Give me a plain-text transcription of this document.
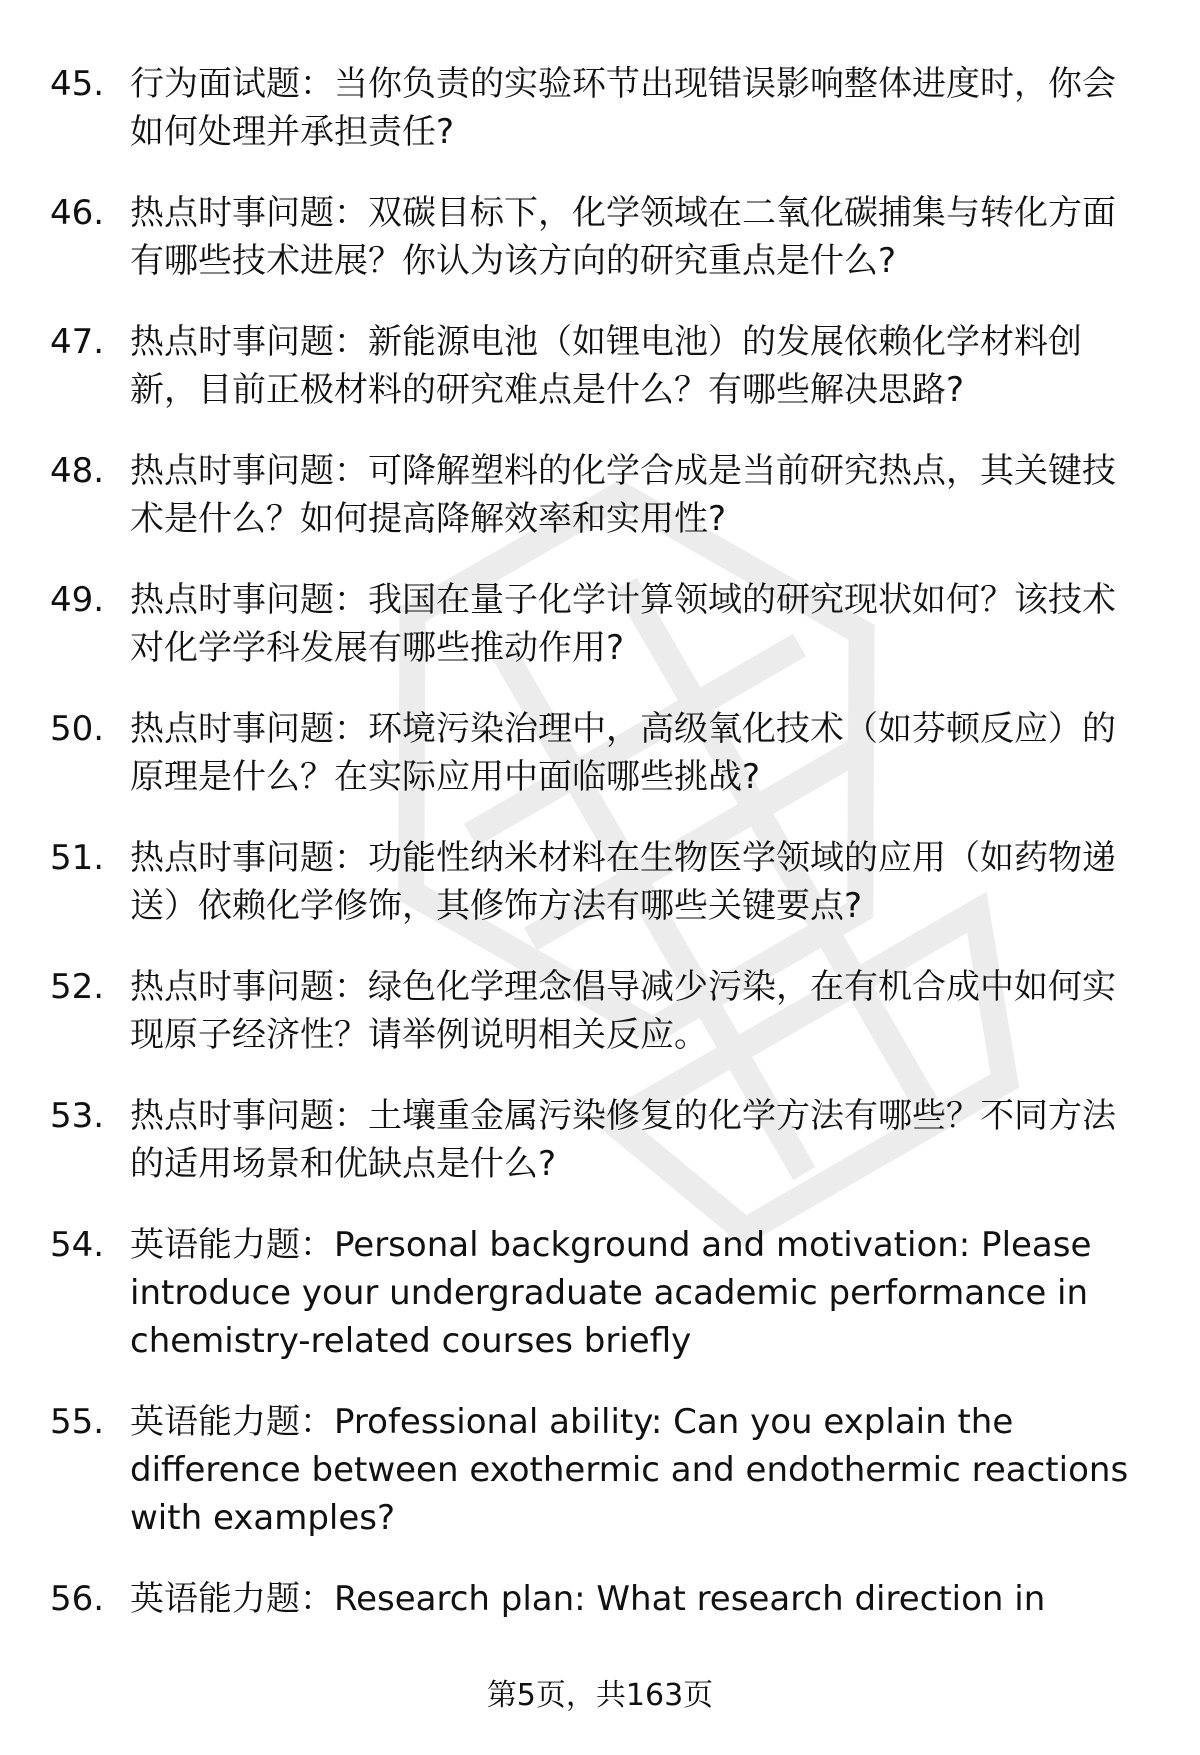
45. 行为面试题：当你负责的实验环节出现错误影响整体进度时，你会如何处理并承担责任?
46. 热点时事问题：双碳目标下，化学领域在二氧化碳捕集与转化方面有哪些技术进展？你认为该方向的研究重点是什么?
47. 热点时事问题：新能源电池（如锂电池）的发展依赖化学材料创新，目前正极材料的研究难点是什么？有哪些解决思路?
48. 热点时事问题：可降解塑料的化学合成是当前研究热点，其关键技术是什么？如何提高降解效率和实用性?
49. 热点时事问题：我国在量子化学计算领域的研究现状如何？该技术对化学学科发展有哪些推动作用?
50. 热点时事问题：环境污染治理中，高级氧化技术（如芬顿反应）的原理是什么？在实际应用中面临哪些挑战?
51. 热点时事问题：功能性纳米材料在生物医学领域的应用（如药物递送）依赖化学修饰，其修饰方法有哪些关键要点?
52. 热点时事问题：绿色化学理念倡导减少污染，在有机合成中如何实现原子经济性？请举例说明相关反应。
53. 热点时事问题：土壤重金属污染修复的化学方法有哪些？不同方法的适用场景和优缺点是什么?
54. 英语能力题：Personal background and motivation: Please introduce your undergraduate academic performance in chemistry-related courses briefly
55. 英语能力题：Professional ability: Can you explain the difference between exothermic and endothermic reactions with examples?
56. 英语能力题：Research plan: What research direction in
第5页，共163页
